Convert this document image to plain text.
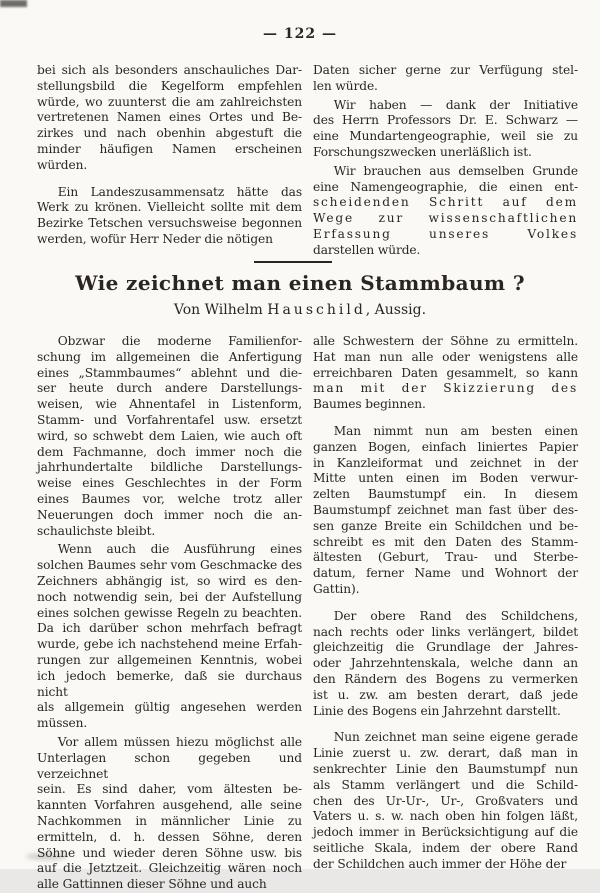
— 122 —
bei sich als besonders anschauliches Dar-
stellungsbild die Kegelform empfehlen
würde, wo zuunterst die am zahlreichsten
vertretenen Namen eines Ortes und Be-
zirkes und nach obenhin abgestuft die
minder häufigen Namen erscheinen
würden.
Ein Landeszusammensatz hätte das
Werk zu krönen. Vielleicht sollte mit dem
Bezirke Tetschen versuchsweise begonnen
werden, wofür Herr Neder die nötigen
Daten sicher gerne zur Verfügung stel-
len würde.
Wir haben — dank der Initiative
des Herrn Professors Dr. E. Schwarz —
eine Mundartengeographie, weil sie zu
Forschungszwecken unerläßlich ist.
Wir brauchen aus demselben Grunde
eine Namengeographie, die einen ent-
scheidenden Schritt auf dem
Wege zur wissenschaftlichen
Erfassung unseres Volkes
darstellen würde.
Wie zeichnet man einen Stammbaum ?
Von Wilhelm Hauschild, Aussig.
Obzwar die moderne Familienfor-
schung im allgemeinen die Anfertigung
eines „Stammbaumes“ ablehnt und die-
ser heute durch andere Darstellungs-
weisen, wie Ahnentafel in Listenform,
Stamm- und Vorfahrentafel usw. ersetzt
wird, so schwebt dem Laien, wie auch oft
dem Fachmanne, doch immer noch die
jahrhundertalte bildliche Darstellungs-
weise eines Geschlechtes in der Form
eines Baumes vor, welche trotz aller
Neuerungen doch immer noch die an-
schaulichste bleibt.
Wenn auch die Ausführung eines
solchen Baumes sehr vom Geschmacke des
Zeichners abhängig ist, so wird es den-
noch notwendig sein, bei der Aufstellung
eines solchen gewisse Regeln zu beachten.
Da ich darüber schon mehrfach befragt
wurde, gebe ich nachstehend meine Erfah-
rungen zur allgemeinen Kenntnis, wobei
ich jedoch bemerke, daß sie durchaus nicht
als allgemein gültig angesehen werden
müssen.
Vor allem müssen hiezu möglichst alle
Unterlagen schon gegeben und verzeichnet
sein. Es sind daher, vom ältesten be-
kannten Vorfahren ausgehend, alle seine
Nachkommen in männlicher Linie zu
ermitteln, d. h. dessen Söhne, deren
Söhne und wieder deren Söhne usw. bis
auf die Jetztzeit. Gleichzeitig wären noch
alle Gattinnen dieser Söhne und auch
alle Schwestern der Söhne zu ermitteln.
Hat man nun alle oder wenigstens alle
erreichbaren Daten gesammelt, so kann
man mit der Skizzierung des
Baumes beginnen.
Man nimmt nun am besten einen
ganzen Bogen, einfach liniertes Papier
in Kanzleiformat und zeichnet in der
Mitte unten einen im Boden verwur-
zelten Baumstumpf ein. In diesem
Baumstumpf zeichnet man fast über des-
sen ganze Breite ein Schildchen und be-
schreibt es mit den Daten des Stamm-
ältesten (Geburt, Trau- und Sterbe-
datum, ferner Name und Wohnort der
Gattin).
Der obere Rand des Schildchens,
nach rechts oder links verlängert, bildet
gleichzeitig die Grundlage der Jahres-
oder Jahrzehntenskala, welche dann an
den Rändern des Bogens zu vermerken
ist u. zw. am besten derart, daß jede
Linie des Bogens ein Jahrzehnt darstellt.
Nun zeichnet man seine eigene gerade
Linie zuerst u. zw. derart, daß man in
senkrechter Linie den Baumstumpf nun
als Stamm verlängert und die Schild-
chen des Ur-Ur-, Ur-, Großvaters und
Vaters u. s. w. nach oben hin folgen läßt,
jedoch immer in Berücksichtigung auf die
seitliche Skala, indem der obere Rand
der Schildchen auch immer der Höhe der
